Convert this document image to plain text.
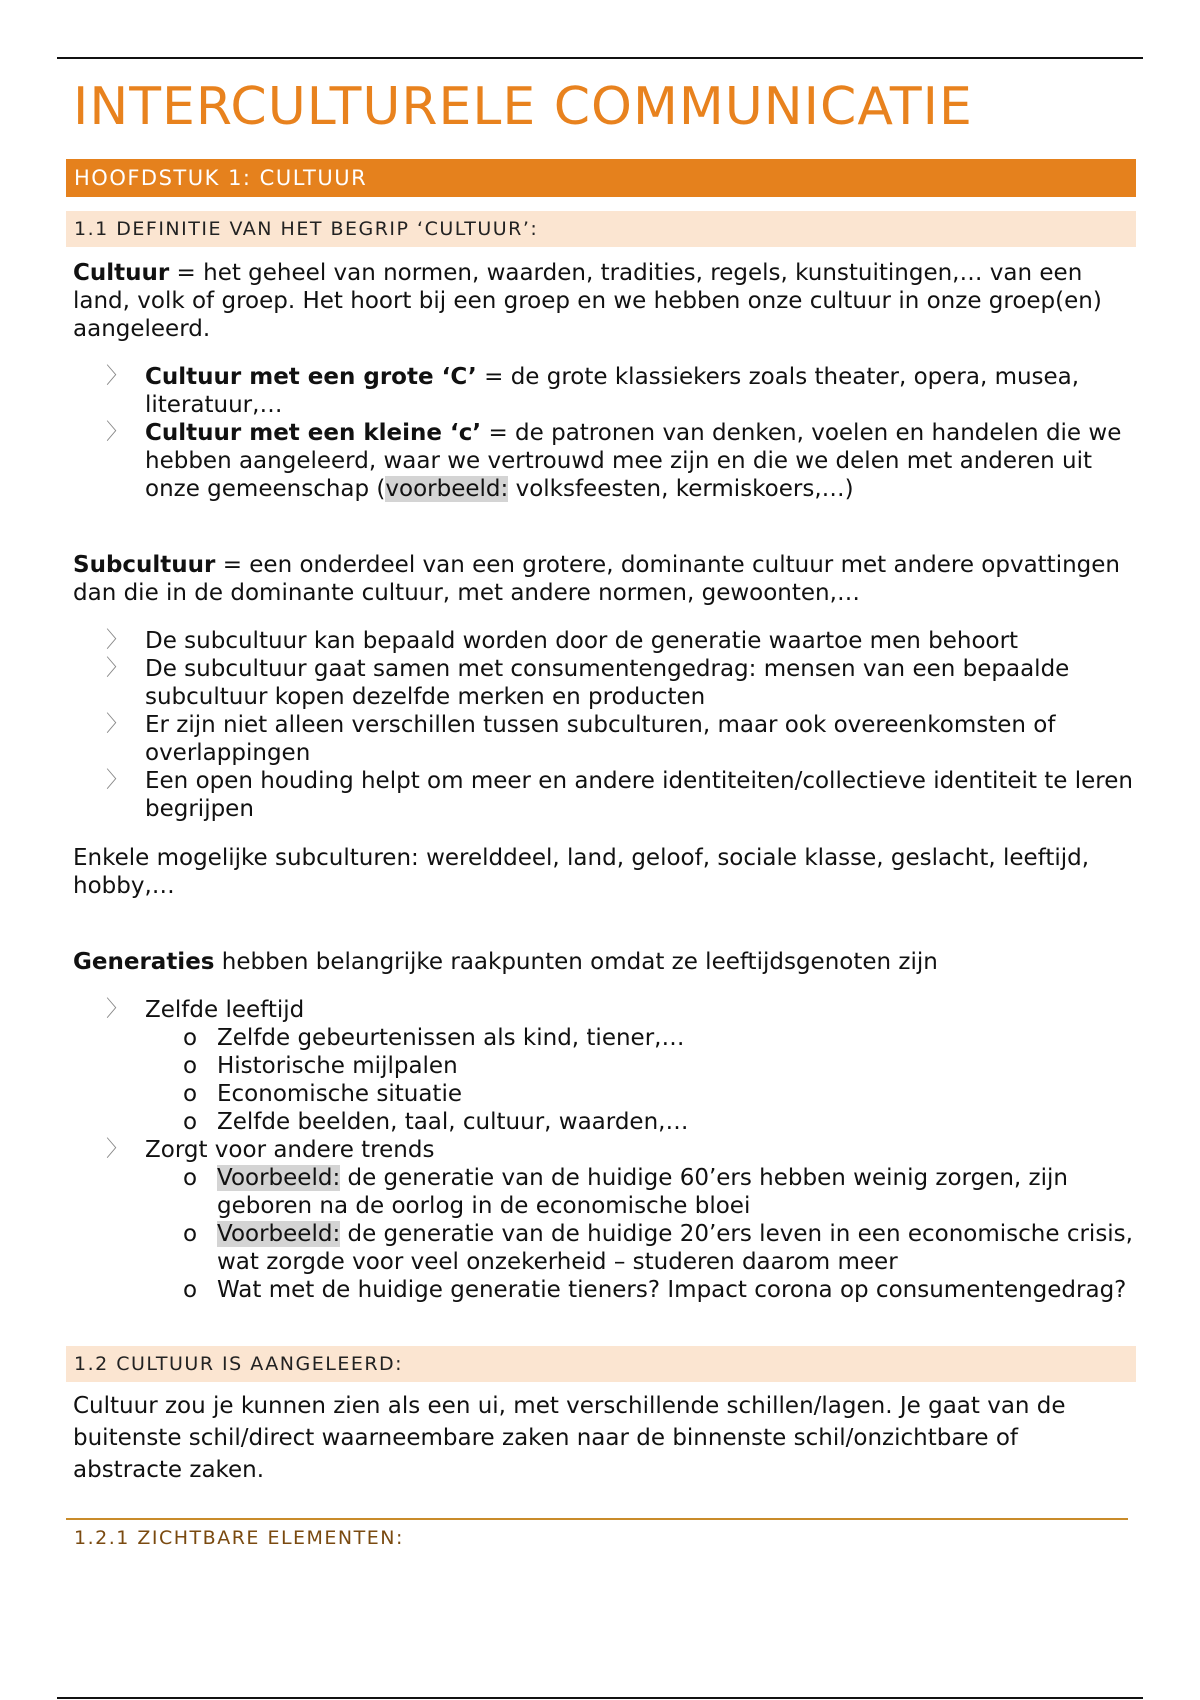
INTERCULTURELE COMMUNICATIE
HOOFDSTUK 1: CULTUUR
1.1 DEFINITIE VAN HET BEGRIP ‘CULTUUR’:

Cultuur = het geheel van normen, waarden, tradities, regels, kunstuitingen,… van een land, volk of groep. Het hoort bij een groep en we hebben onze cultuur in onze groep(en) aangeleerd.

〉 Cultuur met een grote ‘C’ = de grote klassiekers zoals theater, opera, musea, literatuur,…
〉 Cultuur met een kleine ‘c’ = de patronen van denken, voelen en handelen die we hebben aangeleerd, waar we vertrouwd mee zijn en die we delen met anderen uit onze gemeenschap (voorbeeld: volksfeesten, kermiskoers,…)

Subcultuur = een onderdeel van een grotere, dominante cultuur met andere opvattingen dan die in de dominante cultuur, met andere normen, gewoonten,…

〉 De subcultuur kan bepaald worden door de generatie waartoe men behoort
〉 De subcultuur gaat samen met consumentengedrag: mensen van een bepaalde subcultuur kopen dezelfde merken en producten
〉 Er zijn niet alleen verschillen tussen subculturen, maar ook overeenkomsten of overlappingen
〉 Een open houding helpt om meer en andere identiteiten/collectieve identiteit te leren begrijpen

Enkele mogelijke subculturen: werelddeel, land, geloof, sociale klasse, geslacht, leeftijd, hobby,…

Generaties hebben belangrijke raakpunten omdat ze leeftijdsgenoten zijn

〉 Zelfde leeftijd
o Zelfde gebeurtenissen als kind, tiener,…
o Historische mijlpalen
o Economische situatie
o Zelfde beelden, taal, cultuur, waarden,…
〉 Zorgt voor andere trends
o Voorbeeld: de generatie van de huidige 60’ers hebben weinig zorgen, zijn geboren na de oorlog in de economische bloei
o Voorbeeld: de generatie van de huidige 20’ers leven in een economische crisis, wat zorgde voor veel onzekerheid – studeren daarom meer
o Wat met de huidige generatie tieners? Impact corona op consumentengedrag?
1.2 CULTUUR IS AANGELEERD:

Cultuur zou je kunnen zien als een ui, met verschillende schillen/lagen. Je gaat van de buitenste schil/direct waarneembare zaken naar de binnenste schil/onzichtbare of abstracte zaken.

1.2.1 ZICHTBARE ELEMENTEN:
